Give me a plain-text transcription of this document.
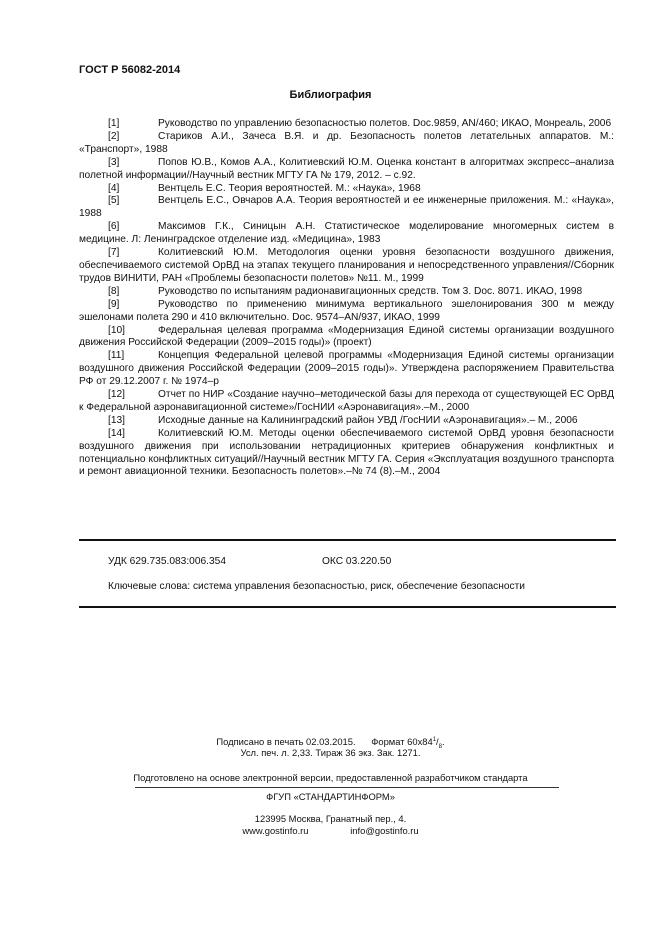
ГОСТ Р 56082-2014
Библиография
[1]	Руководство по управлению безопасностью полетов. Doc.9859, AN/460; ИКАО, Монреаль, 2006
[2]	Стариков А.И., Зачеса В.Я. и др. Безопасность полетов летательных аппаратов. М.: «Транспорт», 1988
[3]	Попов Ю.В., Комов А.А., Колитиевский Ю.М. Оценка констант в алгоритмах экспресс–анализа полетной информации//Научный вестник МГТУ ГА № 179, 2012. – с.92.
[4]	Вентцель Е.С. Теория вероятностей. М.: «Наука», 1968
[5]	Вентцель Е.С., Овчаров А.А. Теория вероятностей и ее инженерные приложения. М.: «Наука», 1988
[6]	Максимов Г.К., Синицын А.Н. Статистическое моделирование многомерных систем в медицине. Л: Ленинградское отделение изд. «Медицина», 1983
[7]	Колитиевский Ю.М. Методология оценки уровня безопасности воздушного движения, обеспечиваемого системой ОрВД на этапах текущего планирования и непосредственного управления//Сборник трудов ВИНИТИ, РАН «Проблемы безопасности полетов» №11. М., 1999
[8]	Руководство по испытаниям радионавигационных средств. Том 3. Doc. 8071. ИКАО, 1998
[9]	Руководство по применению минимума вертикального эшелонирования 300 м между эшелонами полета 290 и 410 включительно. Doc. 9574–AN/937, ИКАО, 1999
[10]	Федеральная целевая программа «Модернизация Единой системы организации воздушного движения Российской Федерации (2009–2015 годы)» (проект)
[11]	Концепция Федеральной целевой программы «Модернизация Единой системы организации воздушного движения Российской Федерации (2009–2015 годы)». Утверждена распоряжением Правительства РФ от 29.12.2007 г. № 1974–р
[12]	Отчет по НИР «Создание научно–методической базы для перехода от существующей ЕС ОрВД к Федеральной аэронавигационной системе»/ГосНИИ «Аэронавигация».–М., 2000
[13]	Исходные данные на Калининградский район УВД /ГосНИИ «Аэронавигация».– М., 2006
[14]	Колитиевский Ю.М. Методы оценки обеспечиваемого системой ОрВД уровня безопасности воздушного движения при использовании нетрадиционных критериев обнаружения конфликтных и потенциально конфликтных ситуаций//Научный вестник МГТУ ГА. Серия «Эксплуатация воздушного транспорта и ремонт авиационной техники. Безопасность полетов».–№ 74 (8).–М., 2004
УДК 629.735.083:006.354	ОКС 03.220.50
Ключевые слова: система управления безопасностью, риск, обеспечение безопасности
Подписано в печать 02.03.2015. Формат $60x84^1/_8$.
Усл. печ. л. 2,33. Тираж 36 экз. Зак. 1271.
Подготовлено на основе электронной версии, предоставленной разработчиком стандарта
ФГУП «СТАНДАРТИНФОРМ»
123995 Москва, Гранатный пер., 4.
www.gostinfo.ru	info@gostinfo.ru
